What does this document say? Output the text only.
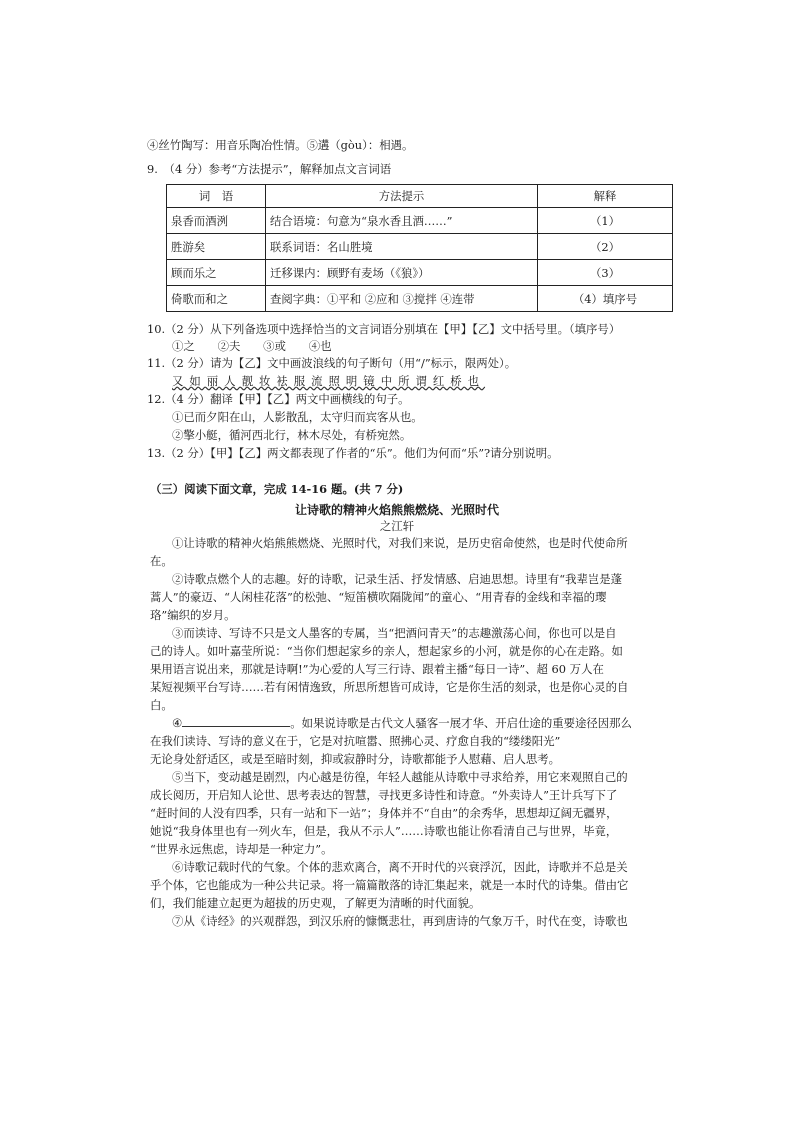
④丝竹陶写：用音乐陶冶性情。⑤遘（gòu）：相遇。
9.　（4 分）参考“方法提示”，解释加点文言词语
词　语	方法提示	解释
泉香而酒洌	结合语境：句意为“泉水香且酒……”	（1）
胜游矣	联系词语：名山胜境	（2）
顾而乐之	迁移课内：顾野有麦场（《狼》）	（3）
倚歌而和之	查阅字典：①平和 ②应和 ③搅拌 ④连带	（4）填序号
10.（2 分）从下列备选项中选择恰当的文言词语分别填在【甲】【乙】文中括号里。（填序号）
①之　　②夫　　③或　　④也
11.（2 分）请为【乙】文中画波浪线的句子断句（用“/”标示，限两处）。
又如丽人靓妆袪服流照明镜中所谓红桥也
12.（4 分）翻译【甲】【乙】两文中画横线的句子。
①已而夕阳在山，人影散乱，太守归而宾客从也。
②擎小艇，循河西北行，林木尽处，有桥宛然。
13.（2 分）【甲】【乙】两文都表现了作者的“乐”。他们为何而“乐”?请分别说明。
（三）阅读下面文章，完成 14-16 题。(共 7 分)
让诗歌的精神火焰熊熊燃烧、光照时代
之江轩
①让诗歌的精神火焰熊熊燃烧、光照时代，对我们来说，是历史宿命使然，也是时代使命所
在。
②诗歌点燃个人的志趣。好的诗歌，记录生活、抒发情感、启迪思想。诗里有“我辈岂是蓬
蒿人”的豪迈、“人闲桂花落”的松弛、“短笛横吹隔陇闻”的童心、“用青春的金线和幸福的璎
珞”编织的岁月。
③而读诗、写诗不只是文人墨客的专属，当“把酒问青天”的志趣激荡心间，你也可以是自
己的诗人。如叶嘉莹所说：“当你们想起家乡的亲人，想起家乡的小河，就是你的心在走路。如
果用语言说出来，那就是诗啊!”为心爱的人写三行诗、跟着主播“每日一诗”、超 60 万人在
某短视频平台写诗……若有闲情逸致，所思所想皆可成诗，它是你生活的刻录，也是你心灵的自
白。
④	。如果说诗歌是古代文人骚客一展才华、开启仕途的重要途径因那么
在我们读诗、写诗的意义在于，它是对抗喧嚣、照拂心灵、疗愈自我的“缕缕阳光”
无论身处舒适区，或是至暗时刻，抑或寂静时分，诗歌都能予人慰藉、启人思考。
⑤当下，变动越是剧烈，内心越是彷徨，年轻人越能从诗歌中寻求给养，用它来观照自己的
成长阅历，开启知人论世、思考表达的智慧，寻找更多诗性和诗意。“外卖诗人”王计兵写下了
“赶时间的人没有四季，只有一站和下一站”；身体并不“自由”的余秀华，思想却辽阔无疆界，
她说“我身体里也有一列火车，但是，我从不示人”……诗歌也能让你看清自己与世界，毕竟，
“世界永远焦虑，诗却是一种定力”。
⑥诗歌记载时代的气象。个体的悲欢离合，离不开时代的兴衰浮沉，因此，诗歌并不总是关
乎个体，它也能成为一种公共记录。将一篇篇散落的诗汇集起来，就是一本时代的诗集。借由它
们，我们能建立起更为超拔的历史观，了解更为清晰的时代面貌。
⑦从《诗经》的兴观群怨，到汉乐府的慷慨悲壮，再到唐诗的气象万千，时代在变，诗歌也
